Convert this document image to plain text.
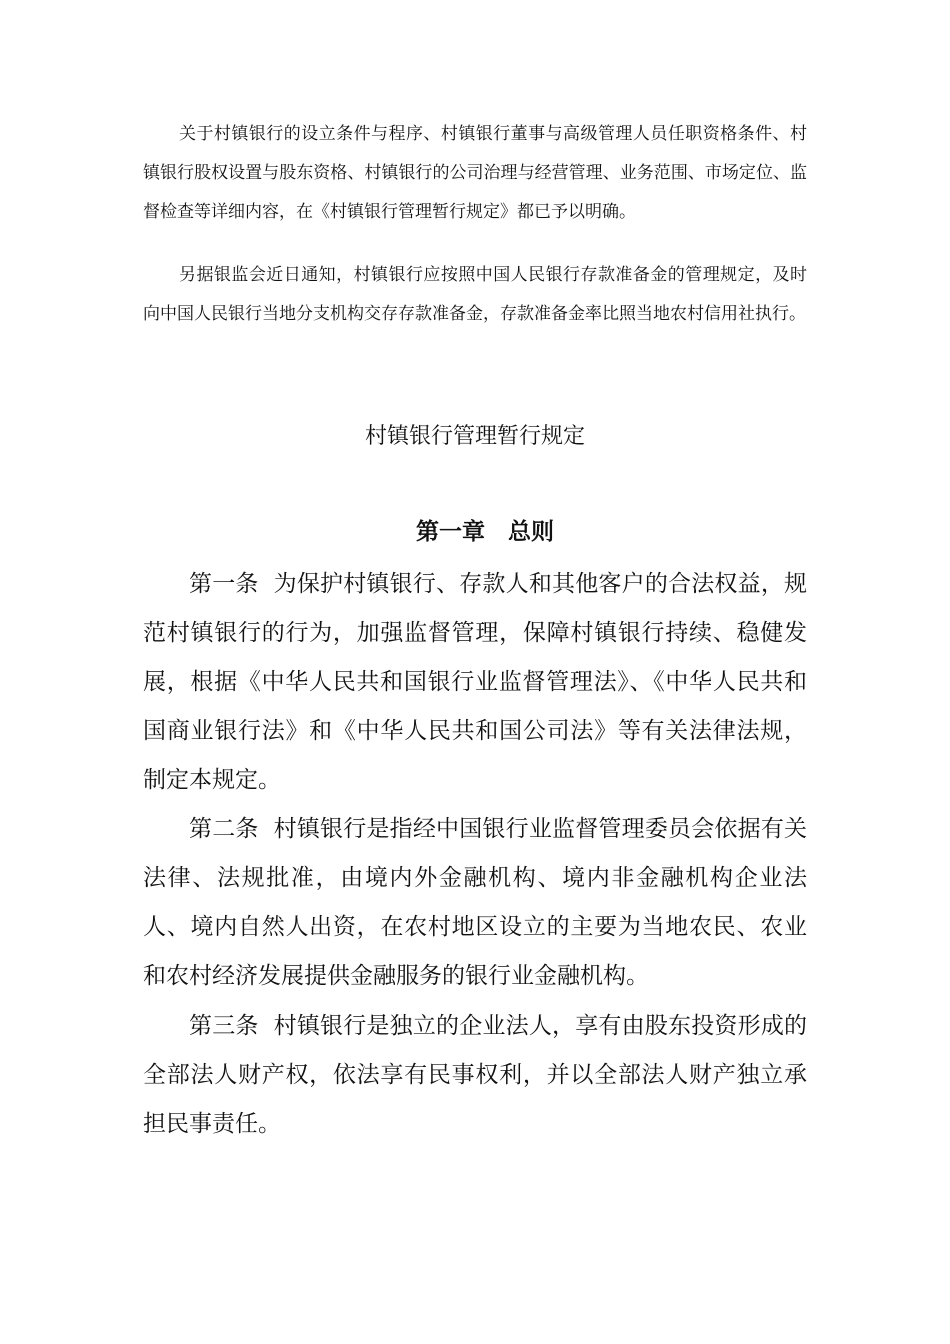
关于村镇银行的设立条件与程序、村镇银行董事与高级管理人员任职资格条件、村镇银行股权设置与股东资格、村镇银行的公司治理与经营管理、业务范围、市场定位、监督检查等详细内容，在《村镇银行管理暂行规定》都已予以明确。

另据银监会近日通知，村镇银行应按照中国人民银行存款准备金的管理规定，及时向中国人民银行当地分支机构交存存款准备金，存款准备金率比照当地农村信用社执行。

村镇银行管理暂行规定
第一章　总则

第一条 为保护村镇银行、存款人和其他客户的合法权益，规范村镇银行的行为，加强监督管理，保障村镇银行持续、稳健发展，根据《中华人民共和国银行业监督管理法》、《中华人民共和国商业银行法》和《中华人民共和国公司法》等有关法律法规，制定本规定。

第二条 村镇银行是指经中国银行业监督管理委员会依据有关法律、法规批准，由境内外金融机构、境内非金融机构企业法人、境内自然人出资，在农村地区设立的主要为当地农民、农业和农村经济发展提供金融服务的银行业金融机构。

第三条 村镇银行是独立的企业法人，享有由股东投资形成的全部法人财产权，依法享有民事权利，并以全部法人财产独立承担民事责任。
